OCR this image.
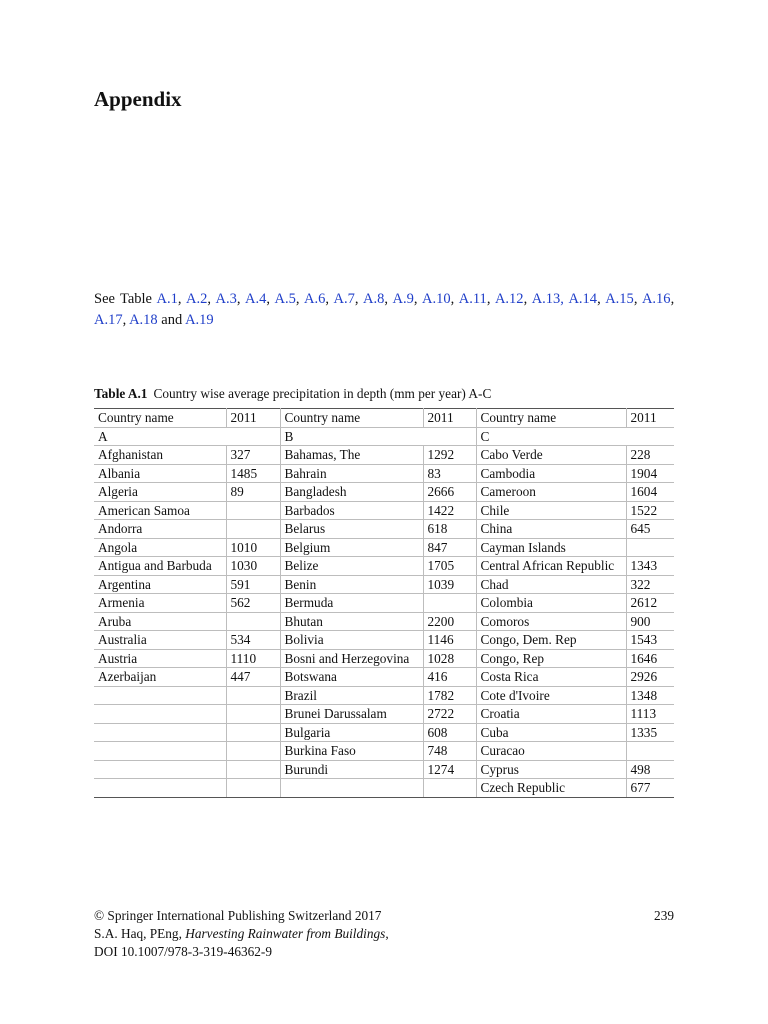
Appendix
See Table A.1, A.2, A.3, A.4, A.5, A.6, A.7, A.8, A.9, A.10, A.11, A.12, A.13, A.14, A.15, A.16, A.17, A.18 and A.19
Table A.1 Country wise average precipitation in depth (mm per year) A-C
Country name	2011	Country name	2011	Country name	2011
A		B		C	
Afghanistan	327	Bahamas, The	1292	Cabo Verde	228
Albania	1485	Bahrain	83	Cambodia	1904
Algeria	89	Bangladesh	2666	Cameroon	1604
American Samoa		Barbados	1422	Chile	1522
Andorra		Belarus	618	China	645
Angola	1010	Belgium	847	Cayman Islands	
Antigua and Barbuda	1030	Belize	1705	Central African Republic	1343
Argentina	591	Benin	1039	Chad	322
Armenia	562	Bermuda		Colombia	2612
Aruba		Bhutan	2200	Comoros	900
Australia	534	Bolivia	1146	Congo, Dem. Rep	1543
Austria	1110	Bosni and Herzegovina	1028	Congo, Rep	1646
Azerbaijan	447	Botswana	416	Costa Rica	2926
		Brazil	1782	Cote d'Ivoire	1348
		Brunei Darussalam	2722	Croatia	1113
		Bulgaria	608	Cuba	1335
		Burkina Faso	748	Curacao	
		Burundi	1274	Cyprus	498
				Czech Republic	677
© Springer International Publishing Switzerland 2017
S.A. Haq, PEng, Harvesting Rainwater from Buildings,
DOI 10.1007/978-3-319-46362-9
239
